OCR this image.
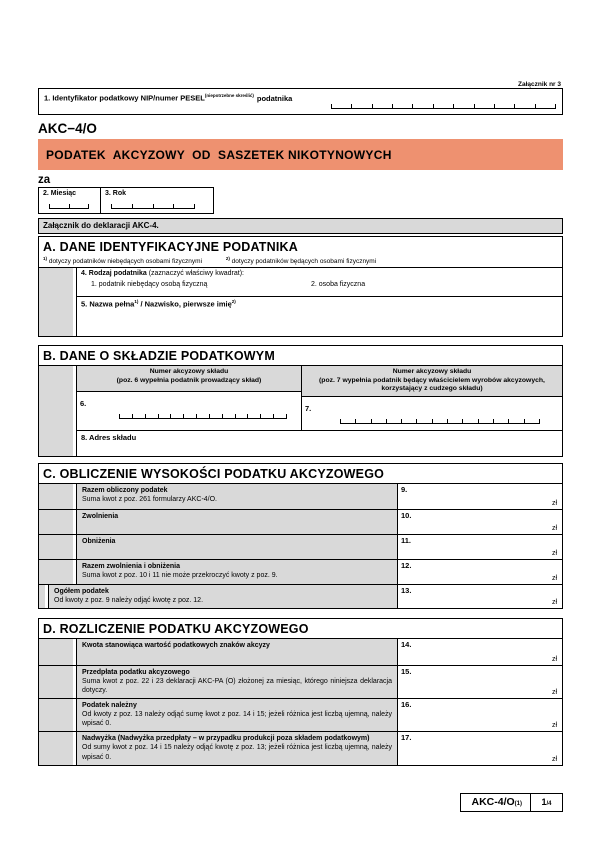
Załącznik nr 3
1. Identyfikator podatkowy NIP/numer $PESEL^{(niepotrzebne skreślić)}$ podatnika
AKC−4/O
PODATEK  AKCYZOWY  OD  SASZETEK NIKOTYNOWYCH
za
2. Miesiąc	3. Rok
Załącznik do deklaracji AKC-4.
A. DANE IDENTYFIKACYJNE PODATNIKA
$^{1)}$ dotyczy podatników niebędących osobami fizycznymi	$^{2)}$ dotyczy podatników będących osobami fizycznymi
4. Rodzaj podatnika (zaznaczyć właściwy kwadrat):
1. podatnik niebędący osobą fizyczną	2. osoba fizyczna
5. Nazwa pełna$^{1)}$ / Nazwisko, pierwsze imię$^{2)}$
B. DANE O SKŁADZIE PODATKOWYM
Numer akcyzowy składu
(poz. 6 wypełnia podatnik prowadzący skład)
6.
Numer akcyzowy składu
(poz. 7 wypełnia podatnik będący właścicielem wyrobów akcyzowych, korzystający z cudzego składu)
7.
8. Adres składu
C. OBLICZENIE WYSOKOŚCI PODATKU AKCYZOWEGO
Razem obliczony podatek
Suma kwot z poz. 261 formularzy AKC-4/O.
9.
zł
Zwolnienia	10.
zł
Obniżenia	11.
zł
Razem zwolnienia i obniżenia
Suma kwot z poz. 10 i 11 nie może przekroczyć kwoty z poz. 9.
12.
zł
Ogółem podatek
Od kwoty z poz. 9 należy odjąć kwotę z poz. 12.
13.
zł
D. ROZLICZENIE PODATKU AKCYZOWEGO
Kwota stanowiąca wartość podatkowych znaków akcyzy	14.
zł
Przedpłata podatku akcyzowego
Suma kwot z poz. 22 i 23 deklaracji AKC-PA (O) złożonej za miesiąc, którego niniejsza deklaracja dotyczy.
15.
zł
Podatek należny
Od kwoty z poz. 13 należy odjąć sumę kwot z poz. 14 i 15; jeżeli różnica jest liczbą ujemną, należy wpisać 0.
16.
zł
Nadwyżka (Nadwyżka przedpłaty – w przypadku produkcji poza składem podatkowym)
Od sumy kwot z poz. 14 i 15 należy odjąć kwotę z poz. 13; jeżeli różnica jest liczbą ujemną, należy wpisać 0.
17.
zł
AKC-4/O(1)	1/4
